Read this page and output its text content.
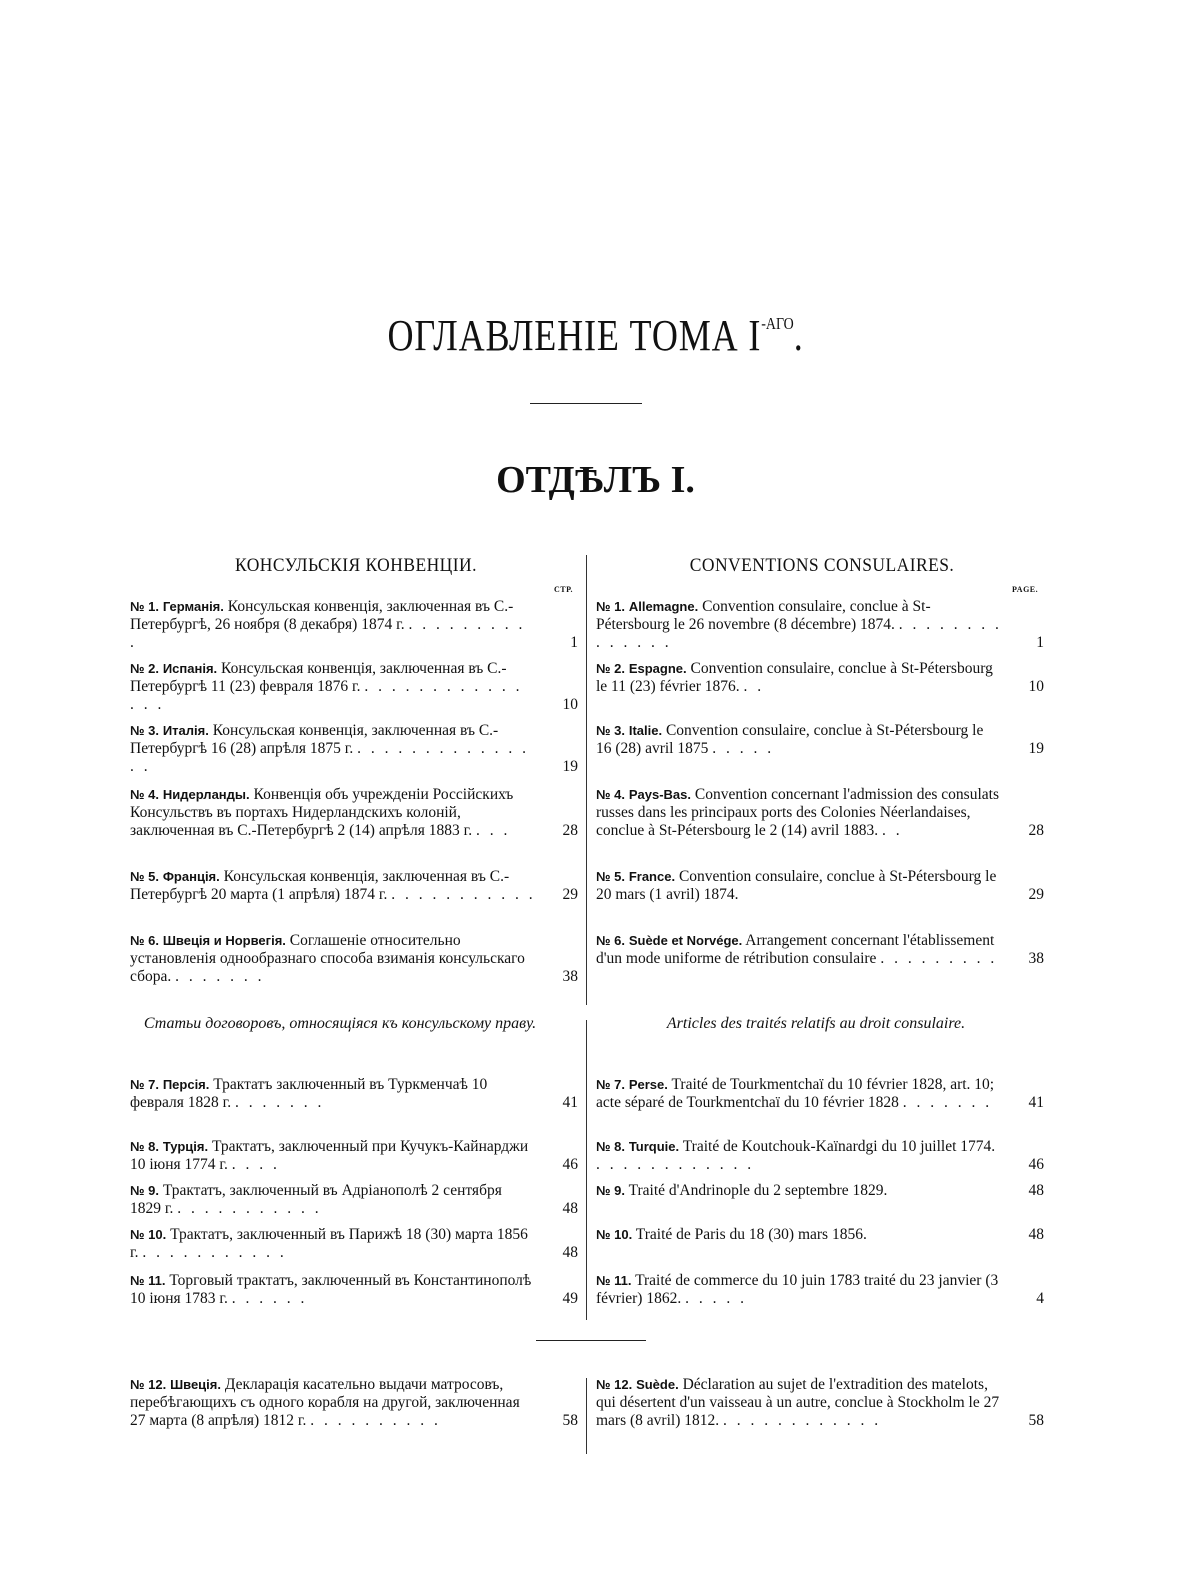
ОГЛАВЛЕНІЕ ТОМА $I^{-АГО}$.
ОТДѢЛЪ I.
КОНСУЛЬСКІЯ КОНВЕНЦІИ.	CONVENTIONS CONSULAIRES.
СТР.	PAGE.
№ 1. Германія. Консульская конвенція, заключенная въ С.-Петербургѣ, 26 ноября (8 декабря) 1874 г. . . . . . . . . . .	1
№ 2. Испанія. Консульская конвенція, заключенная въ С.-Петербургѣ 11 (23) февраля 1876 г. . . . . . . . . . . . . . . .	10
№ 3. Италія. Консульская конвенція, заключенная въ С.-Петербургѣ 16 (28) апрѣля 1875 г. . . . . . . . . . . . . . . .	19
№ 4. Нидерланды. Конвенція объ учрежденіи Россійскихъ Консульствъ въ портахъ Нидерландскихъ колоній, заключенная въ С.-Петербургѣ 2 (14) апрѣля 1883 г. . . .	28
№ 5. Франція. Консульская конвенція, заключенная въ С.-Петербургѣ 20 марта (1 апрѣля) 1874 г. . . . . . . . . . . .	29
№ 6. Швеція и Норвегія. Соглашеніе относительно установленія однообразнаго способа взиманія консульскаго сбора. . . . . . . .	38
Статьи договоровъ, относящіяся къ консульскому праву.
№ 7. Персія. Трактатъ заключенный въ Туркменчаѣ 10 февраля 1828 г. . . . . . . .	41
№ 8. Турція. Трактатъ, заключенный при Кучукъ-Кайнарджи 10 іюня 1774 г. . . . .	46
№ 9. Трактатъ, заключенный въ Адріанополѣ 2 сентября 1829 г. . . . . . . . . . . .	48
№ 10. Трактатъ, заключенный въ Парижѣ 18 (30) марта 1856 г. . . . . . . . . . . .	48
№ 11. Торговый трактатъ, заключенный въ Константинополѣ 10 іюня 1783 г. . . . . . .	49
№ 1. Allemagne. Convention consulaire, conclue à St-Pétersbourg le 26 novembre (8 décembre) 1874. . . . . . . . . . . . . . .	1
№ 2. Espagne. Convention consulaire, conclue à St-Pétersbourg le 11 (23) février 1876. . .	10
№ 3. Italie. Convention consulaire, conclue à St-Pétersbourg le 16 (28) avril 1875 . . . . .	19
№ 4. Pays-Bas. Convention concernant l'admission des consulats russes dans les principaux ports des Colonies Néerlandaises, conclue à St-Pétersbourg le 2 (14) avril 1883. . .	28
№ 5. France. Convention consulaire, conclue à St-Pétersbourg le 20 mars (1 avril) 1874.	29
№ 6. Suède et Norvége. Arrangement concernant l'établissement d'un mode uniforme de rétribution consulaire . . . . . . . . .	38
Articles des traités relatifs au droit consulaire.
№ 7. Perse. Traité de Tourkmentchaï du 10 février 1828, art. 10; acte séparé de Tourkmentchaï du 10 février 1828 . . . . . . .	41
№ 8. Turquie. Traité de Koutchouk-Kaïnardgi du 10 juillet 1774. . . . . . . . . . . . .	46
№ 9. Traité d'Andrinople du 2 septembre 1829.	48
№ 10. Traité de Paris du 18 (30) mars 1856.	48
№ 11. Traité de commerce du 10 juin 1783 traité du 23 janvier (3 février) 1862. . . . . .	4
№ 12. Швеція. Декларація касательно выдачи матросовъ, перебѣгающихъ съ одного корабля на другой, заключенная 27 марта (8 апрѣля) 1812 г. . . . . . . . . . .	58
№ 12. Suède. Déclaration au sujet de l'extradition des matelots, qui désertent d'un vaisseau à un autre, conclue à Stockholm le 27 mars (8 avril) 1812. . . . . . . . . . . . .	58
